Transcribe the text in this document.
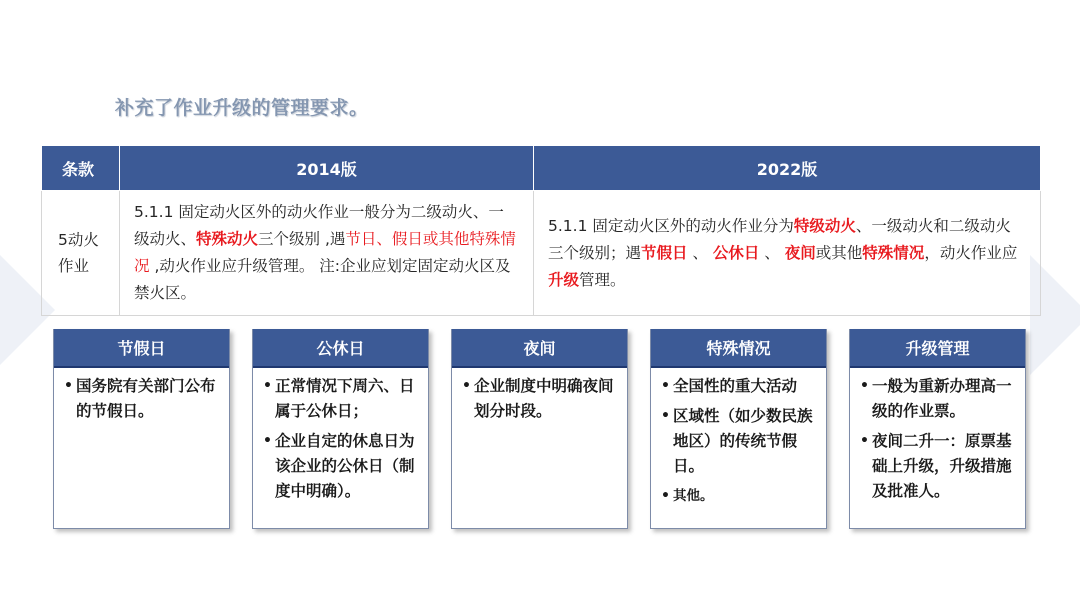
补充了作业升级的管理要求。
条款	2014版	2022版
5动火作业	5.1.1 固定动火区外的动火作业一般分为二级动火、一级动火、特殊动火三个级别 ,遇节日、假日或其他特殊情况 ,动火作业应升级管理。 注:企业应划定固定动火区及禁火区。	5.1.1 固定动火区外的动火作业分为特级动火、一级动火和二级动火三个级别；遇节假日 、 公休日 、 夜间或其他特殊情况，动火作业应升级管理。
节假日
• 国务院有关部门公布的节假日。
公休日
• 正常情况下周六、日属于公休日；
• 企业自定的休息日为该企业的公休日（制度中明确）。
夜间
• 企业制度中明确夜间划分时段。
特殊情况
• 全国性的重大活动
• 区域性（如少数民族地区）的传统节假日。
• 其他。
升级管理
• 一般为重新办理高一级的作业票。
• 夜间二升一：原票基础上升级，升级措施及批准人。
